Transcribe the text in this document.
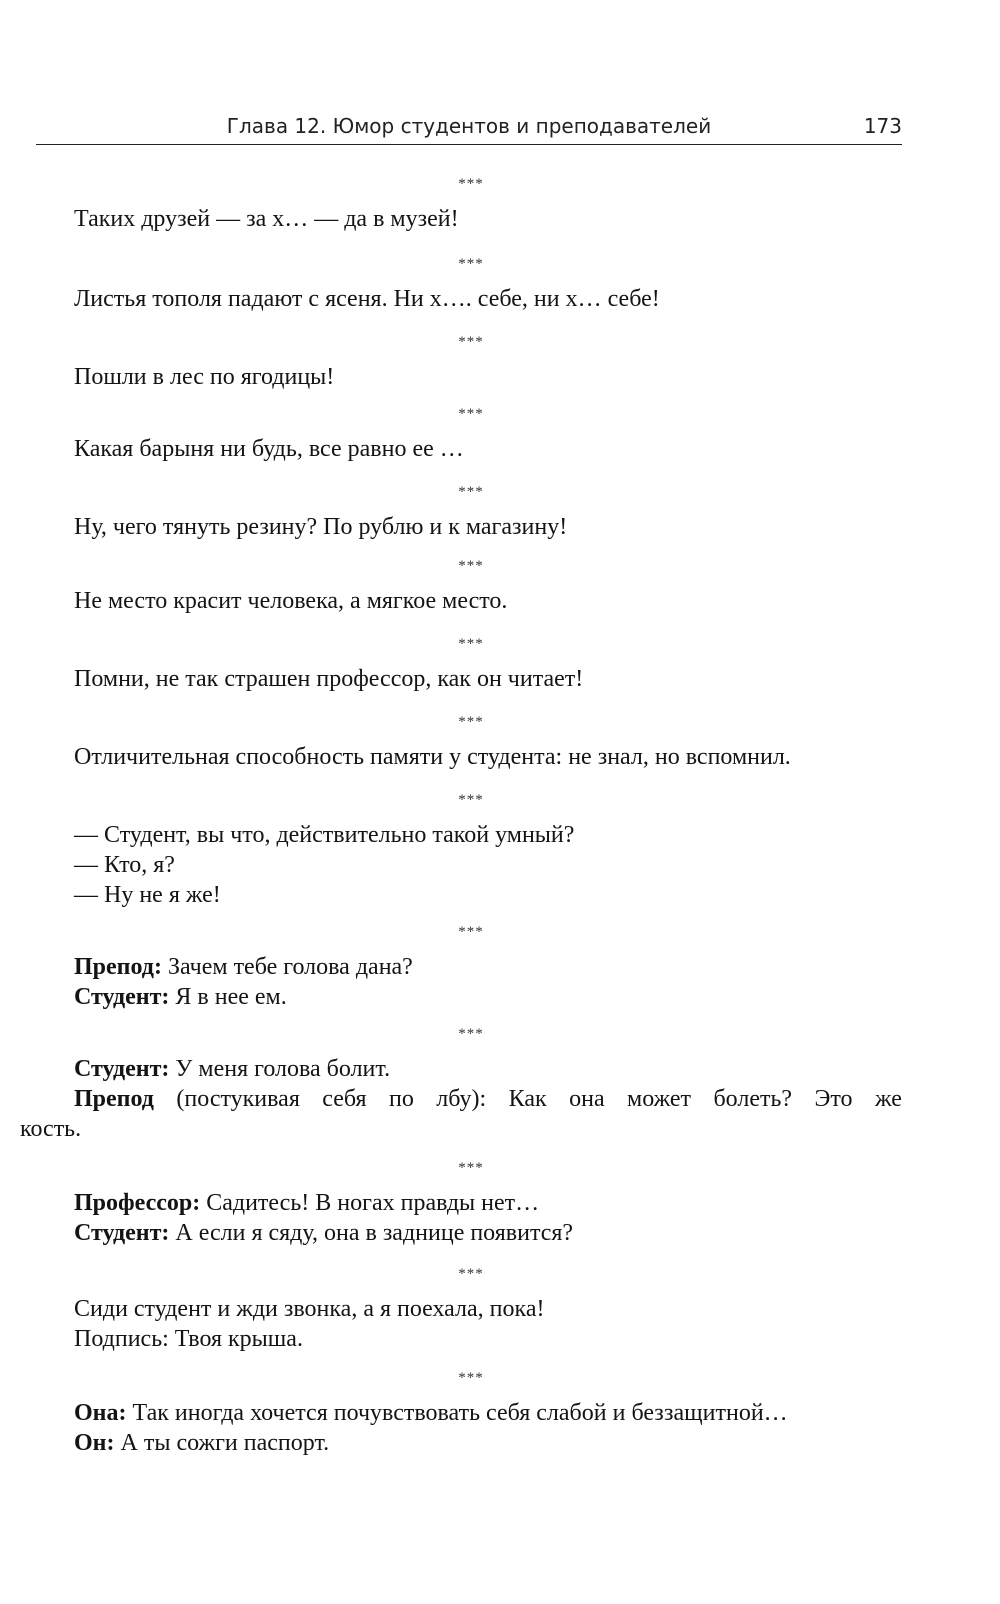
Глава 12. Юмор студентов и преподавателей	173
***
Таких друзей — за х… — да в музей!
***
Листья тополя падают с ясеня. Ни х…. себе, ни х… себе!
***
Пошли в лес по ягодицы!
***
Какая барыня ни будь, все равно ее …
***
Ну, чего тянуть резину? По рублю и к магазину!
***
Не место красит человека, а мягкое место.
***
Помни, не так страшен профессор, как он читает!
***
Отличительная способность памяти у студента: не знал, но вспомнил.
***
— Студент, вы что, действительно такой умный?
— Кто, я?
— Ну не я же!
***
Препод: Зачем тебе голова дана?
Студент: Я в нее ем.
***
Студент: У меня голова болит.
Препод (постукивая себя по лбу): Как она может болеть? Это же
кость.
***
Профессор: Садитесь! В ногах правды нет…
Студент: А если я сяду, она в заднице появится?
***
Сиди студент и жди звонка, а я поехала, пока!
Подпись: Твоя крыша.
***
Она: Так иногда хочется почувствовать себя слабой и беззащитной…
Он: А ты сожги паспорт.
